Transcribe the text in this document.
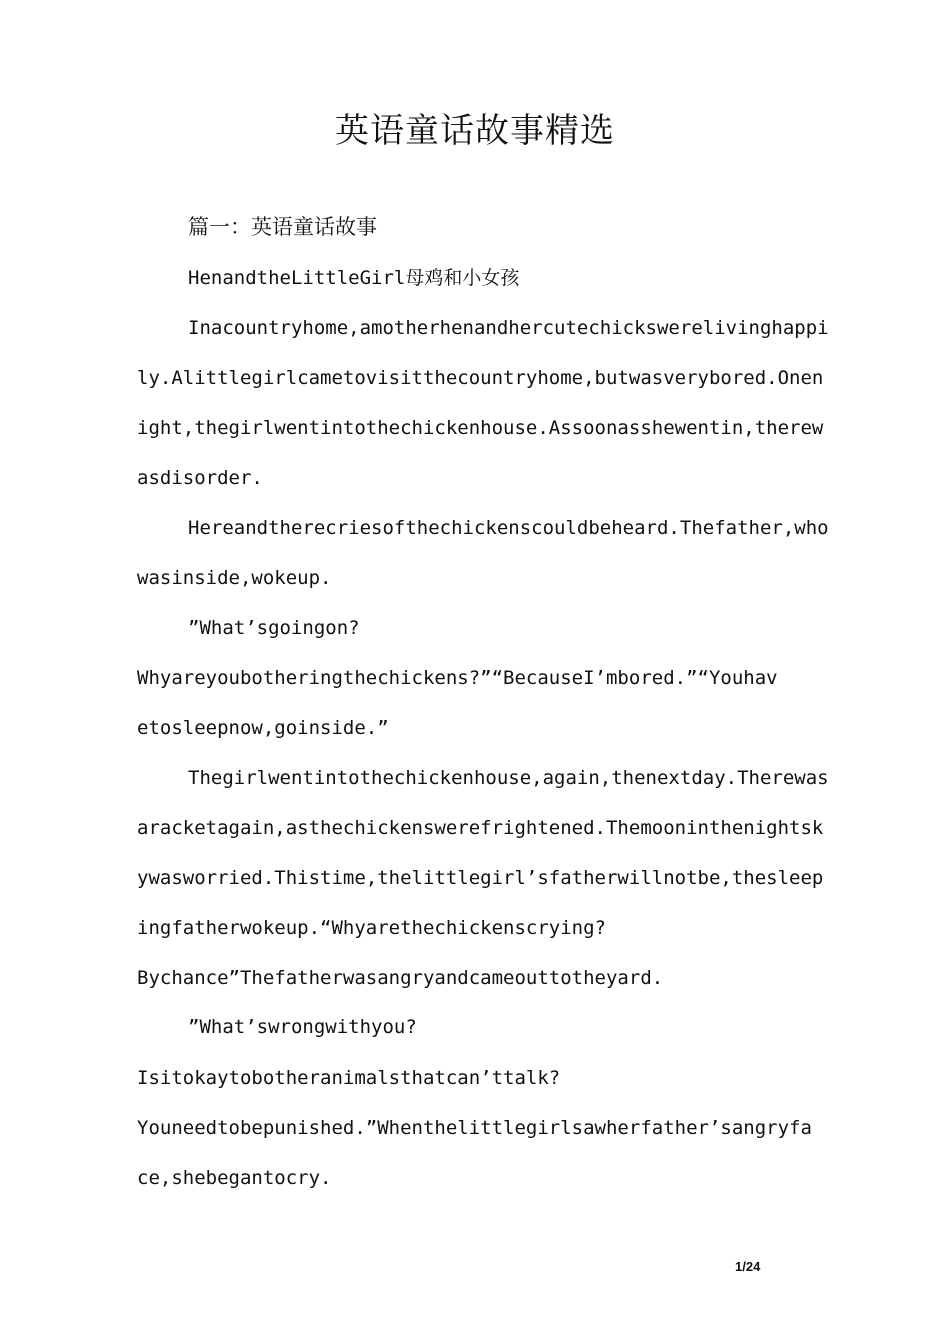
英语童话故事精选
篇一：英语童话故事
HenandtheLittleGirl母鸡和小女孩
Inacountryhome,amotherhenandhercutechickswerelivinghappi
ly.Alittlegirlcametovisitthecountryhome,butwasverybored.Onen
ight,thegirlwentintothechickenhouse.Assoonasshewentin,therew
asdisorder.
Hereandtherecriesofthechickenscouldbeheard.Thefather,who
wasinside,wokeup.
”What’sgoingon?
Whyareyoubotheringthechickens?”“BecauseI’mbored.”“Youhav
etosleepnow,goinside.”
Thegirlwentintothechickenhouse,again,thenextday.Therewas
aracketagain,asthechickenswerefrightened.Themooninthenightsk
ywasworried.Thistime,thelittlegirl’sfatherwillnotbe,thesleep
ingfatherwokeup.“Whyarethechickenscrying?
Bychance”Thefatherwasangryandcameouttotheyard.
”What’swrongwithyou?
Isitokaytobotheranimalsthatcan’ttalk?
Youneedtobepunished.”Whenthelittlegirlsawherfather’sangryfa
ce,shebegantocry.
1/24
